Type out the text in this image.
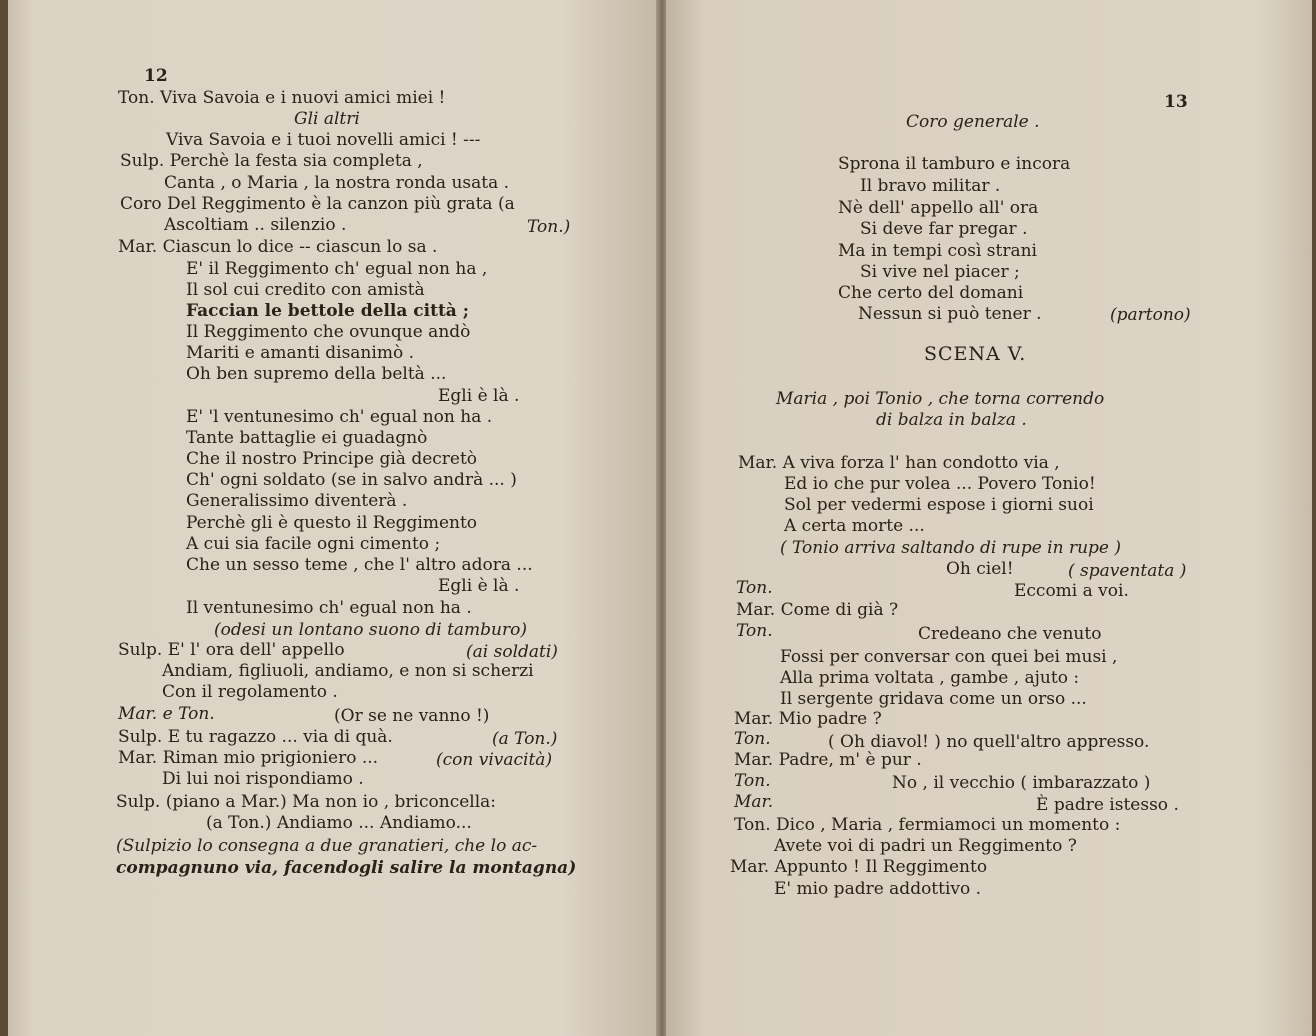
12
Ton. Viva Savoia e i nuovi amici miei !
Gli altri
Viva Savoia e i tuoi novelli amici ! ---
Sulp. Perchè la festa sia completa ,
Canta , o Maria , la nostra ronda usata .
Coro Del Reggimento è la canzon più grata (a
Ascoltiam .. silenzio .	Ton.)
Mar. Ciascun lo dice -- ciascun lo sa .
E' il Reggimento ch' egual non ha ,
Il sol cui credito con amistà
Faccian le bettole della città ;
Il Reggimento che ovunque andò
Mariti e amanti disanimò .
Oh ben supremo della beltà ...
Egli è là .
E' 'l ventunesimo ch' egual non ha .
Tante battaglie ei guadagnò
Che il nostro Principe già decretò
Ch' ogni soldato (se in salvo andrà ... )
Generalissimo diventerà .
Perchè gli è questo il Reggimento
A cui sia facile ogni cimento ;
Che un sesso teme , che l' altro adora ...
Egli è là .
Il ventunesimo ch' egual non ha .
(odesi un lontano suono di tamburo)
Sulp. E' l' ora dell' appello	(ai soldati)
Andiam, figliuoli, andiamo, e non si scherzi
Con il regolamento .
Mar. e Ton.	(Or se ne vanno !)
Sulp. E tu ragazzo ... via di quà.	(a Ton.)
Mar. Riman mio prigioniero ...	(con vivacità)
Di lui noi rispondiamo .
Sulp. (piano a Mar.) Ma non io , briconcella:
(a Ton.) Andiamo ... Andiamo...
(Sulpizio lo consegna a due granatieri, che lo ac-
compagnuno via, facendogli salire la montagna)
13
Coro generale .
Sprona il tamburo e incora
Il bravo militar .
Nè dell' appello all' ora
Si deve far pregar .
Ma in tempi così strani
Si vive nel piacer ;
Che certo del domani
Nessun si può tener .	(partono)
SCENA V.
Maria , poi Tonio , che torna correndo
di balza in balza .
Mar. A viva forza l' han condotto via ,
Ed io che pur volea ... Povero Tonio!
Sol per vedermi espose i giorni suoi
A certa morte ...
( Tonio arriva saltando di rupe in rupe )
Oh ciel!	( spaventata )
Ton.	Eccomi a voi.
Mar. Come di già ?
Ton.	Credeano che venuto
Fossi per conversar con quei bei musi ,
Alla prima voltata , gambe , ajuto :
Il sergente gridava come un orso ...
Mar. Mio padre ?
Ton.	( Oh diavol! ) no quell'altro appresso.
Mar. Padre, m' è pur .
Ton.	No , il vecchio ( imbarazzato )
Mar.	È padre istesso .
Ton. Dico , Maria , fermiamoci un momento :
Avete voi di padri un Reggimento ?
Mar. Appunto ! Il Reggimento
E' mio padre addottivo .
